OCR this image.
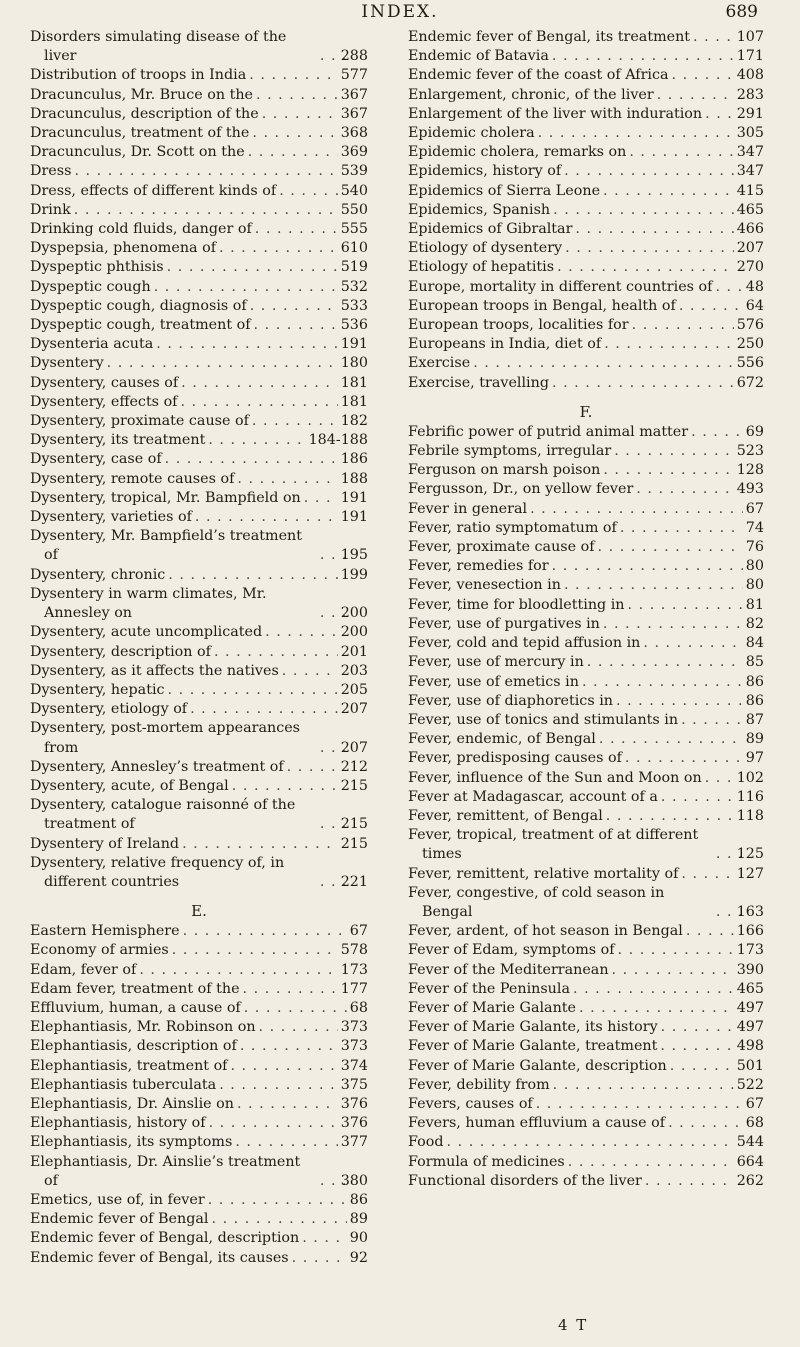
INDEX.	689
Disorders simulating disease of the liver . . .	288
Distribution of troops in India . . .	577
Dracunculus, Mr. Bruce on the . . .	367
Dracunculus, description of the . . .	367
Dracunculus, treatment of the . . .	368
Dracunculus, Dr. Scott on the . . .	369
Dress . . .	539
Dress, effects of different kinds of . . .	540
Drink . . .	550
Drinking cold fluids, danger of . . .	555
Dyspepsia, phenomena of . . .	610
Dyspeptic phthisis . . .	519
Dyspeptic cough . . .	532
Dyspeptic cough, diagnosis of . . .	533
Dyspeptic cough, treatment of . . .	536
Dysenteria acuta . . .	191
Dysentery . . .	180
Dysentery, causes of . . .	181
Dysentery, effects of . . .	181
Dysentery, proximate cause of . . .	182
Dysentery, its treatment . . .	184-188
Dysentery, case of . . .	186
Dysentery, remote causes of . . .	188
Dysentery, tropical, Mr. Bampfield on . . .	191
Dysentery, varieties of . . .	191
Dysentery, Mr. Bampfield’s treatment of . . .	195
Dysentery, chronic . . .	199
Dysentery in warm climates, Mr. Annesley on . . .	200
Dysentery, acute uncomplicated . . .	200
Dysentery, description of . . .	201
Dysentery, as it affects the natives . . .	203
Dysentery, hepatic . . .	205
Dysentery, etiology of . . .	207
Dysentery, post-mortem appearances from . . .	207
Dysentery, Annesley’s treatment of . . .	212
Dysentery, acute, of Bengal . . .	215
Dysentery, catalogue raisonné of the treatment of . . .	215
Dysentery of Ireland . . .	215
Dysentery, relative frequency of, in different countries . . .	221
E.
Eastern Hemisphere . . .	67
Economy of armies . . .	578
Edam, fever of . . .	173
Edam fever, treatment of the . . .	177
Effluvium, human, a cause of . . .	68
Elephantiasis, Mr. Robinson on . . .	373
Elephantiasis, description of . . .	373
Elephantiasis, treatment of . . .	374
Elephantiasis tuberculata . . .	375
Elephantiasis, Dr. Ainslie on . . .	376
Elephantiasis, history of . . .	376
Elephantiasis, its symptoms . . .	377
Elephantiasis, Dr. Ainslie’s treatment of . . .	380
Emetics, use of, in fever . . .	86
Endemic fever of Bengal . . .	89
Endemic fever of Bengal, description . . .	90
Endemic fever of Bengal, its causes . . .	92
Endemic fever of Bengal, its treatment . . .	107
Endemic of Batavia . . .	171
Endemic fever of the coast of Africa . . .	408
Enlargement, chronic, of the liver . . .	283
Enlargement of the liver with induration . . . 291
Epidemic cholera . . .	305
Epidemic cholera, remarks on . . .	347
Epidemics, history of . . .	347
Epidemics of Sierra Leone . . .	415
Epidemics, Spanish . . .	465
Epidemics of Gibraltar . . .	466
Etiology of dysentery . . .	207
Etiology of hepatitis . . .	270
Europe, mortality in different countries of . . . 48
European troops in Bengal, health of . . .	64
European troops, localities for . . .	576
Europeans in India, diet of . . .	250
Exercise . . .	556
Exercise, travelling . . .	672
F.
Febrific power of putrid animal matter . . .	69
Febrile symptoms, irregular . . .	523
Ferguson on marsh poison . . .	128
Fergusson, Dr., on yellow fever . . .	493
Fever in general . . .	67
Fever, ratio symptomatum of . . .	74
Fever, proximate cause of . . .	76
Fever, remedies for . . .	80
Fever, venesection in . . .	80
Fever, time for bloodletting in . . .	81
Fever, use of purgatives in . . .	82
Fever, cold and tepid affusion in . . .	84
Fever, use of mercury in . . .	85
Fever, use of emetics in . . .	86
Fever, use of diaphoretics in . . .	86
Fever, use of tonics and stimulants in . . .	87
Fever, endemic, of Bengal . . .	89
Fever, predisposing causes of . . .	97
Fever, influence of the Sun and Moon on . . . 102
Fever at Madagascar, account of a . . .	116
Fever, remittent, of Bengal . . .	118
Fever, tropical, treatment of at different times . . .	125
Fever, remittent, relative mortality of . . .	127
Fever, congestive, of cold season in Bengal . . .	163
Fever, ardent, of hot season in Bengal . . .	166
Fever of Edam, symptoms of . . .	173
Fever of the Mediterranean . . .	390
Fever of the Peninsula . . .	465
Fever of Marie Galante . . .	497
Fever of Marie Galante, its history . . .	497
Fever of Marie Galante, treatment . . .	498
Fever of Marie Galante, description . . .	501
Fever, debility from . . .	522
Fevers, causes of . . .	67
Fevers, human effluvium a cause of . . .	68
Food . . .	544
Formula of medicines . . .	664
Functional disorders of the liver . . .	262
4 T
